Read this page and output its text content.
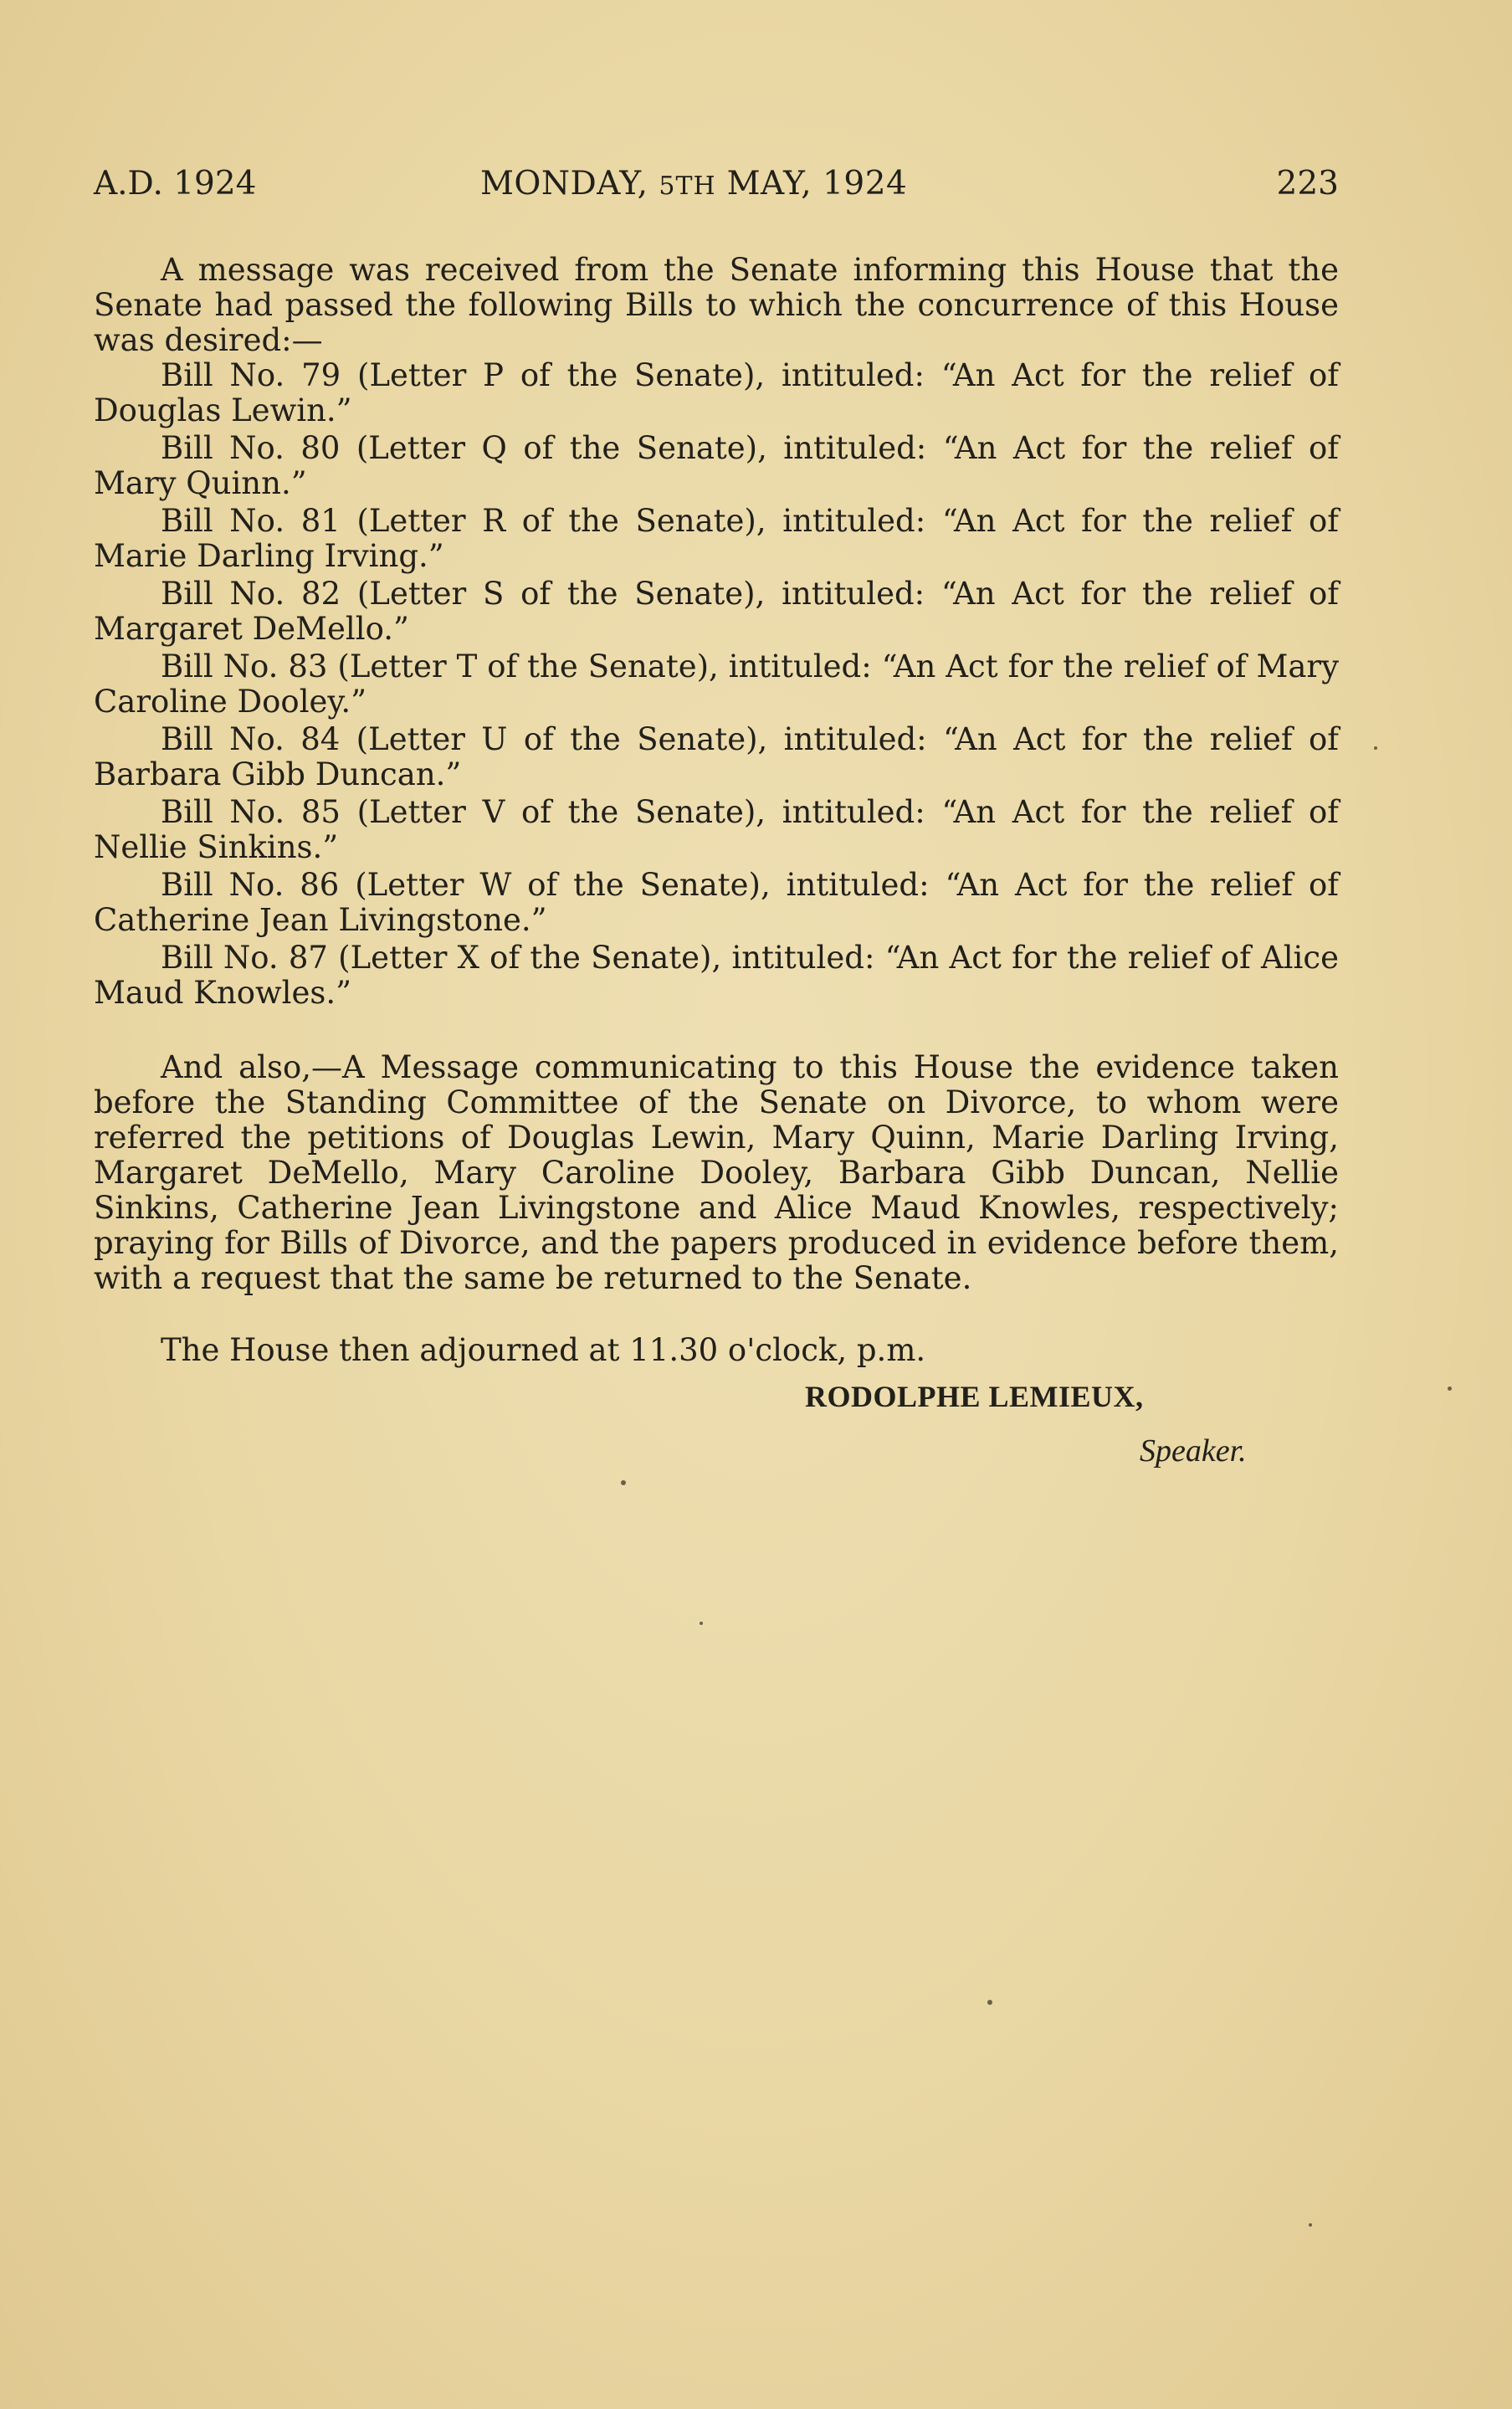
A.D. 1924	MONDAY, 5TH MAY, 1924	223

A message was received from the Senate informing this House that the Senate had passed the following Bills to which the concurrence of this House was desired:—

Bill No. 79 (Letter P of the Senate), intituled: “An Act for the relief of Douglas Lewin.”

Bill No. 80 (Letter Q of the Senate), intituled: “An Act for the relief of Mary Quinn.”

Bill No. 81 (Letter R of the Senate), intituled: “An Act for the relief of Marie Darling Irving.”

Bill No. 82 (Letter S of the Senate), intituled: “An Act for the relief of Margaret DeMello.”

Bill No. 83 (Letter T of the Senate), intituled: “An Act for the relief of Mary Caroline Dooley.”

Bill No. 84 (Letter U of the Senate), intituled: “An Act for the relief of Barbara Gibb Duncan.”

Bill No. 85 (Letter V of the Senate), intituled: “An Act for the relief of Nellie Sinkins.”

Bill No. 86 (Letter W of the Senate), intituled: “An Act for the relief of Catherine Jean Livingstone.”

Bill No. 87 (Letter X of the Senate), intituled: “An Act for the relief of Alice Maud Knowles.”

And also,—A Message communicating to this House the evidence taken before the Standing Committee of the Senate on Divorce, to whom were referred the petitions of Douglas Lewin, Mary Quinn, Marie Darling Irving, Margaret DeMello, Mary Caroline Dooley, Barbara Gibb Duncan, Nellie Sinkins, Catherine Jean Livingstone and Alice Maud Knowles, respectively; praying for Bills of Divorce, and the papers produced in evidence before them, with a request that the same be returned to the Senate.

The House then adjourned at 11.30 o'clock, p.m.

RODOLPHE LEMIEUX,
Speaker.
